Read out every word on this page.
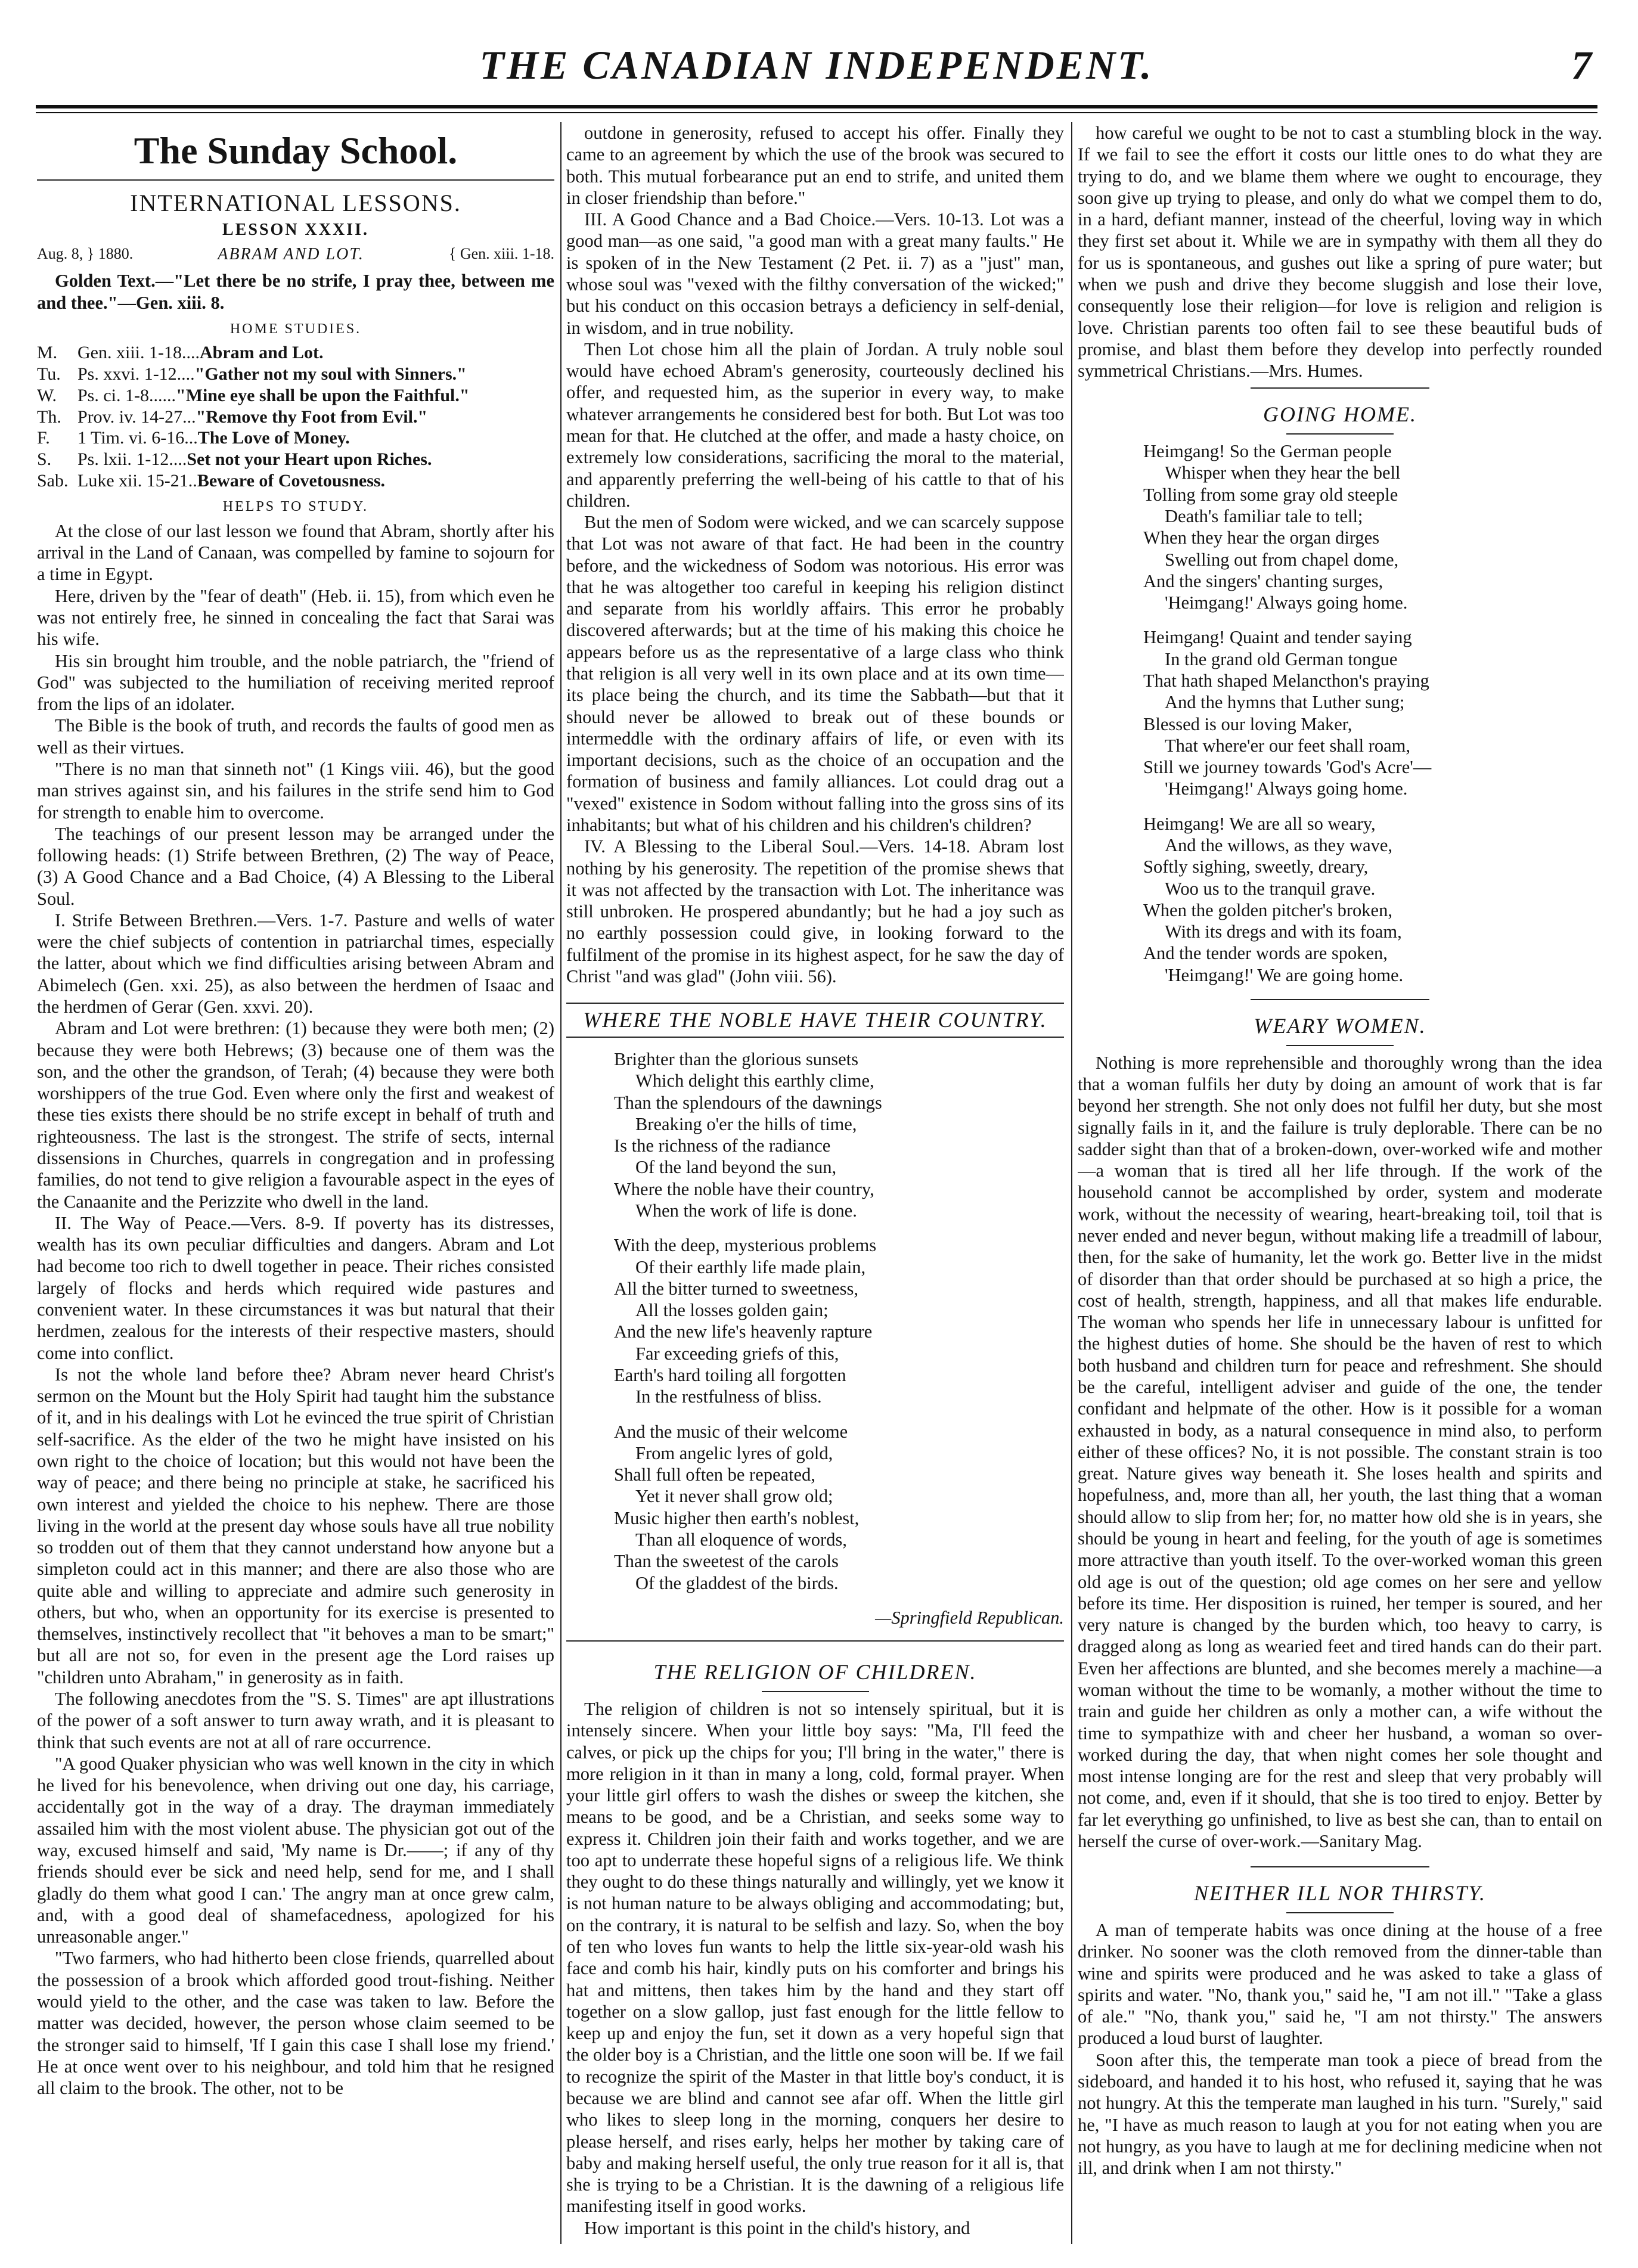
THE CANADIAN INDEPENDENT.	7
The Sunday School.
INTERNATIONAL LESSONS.
LESSON XXXII.
Aug. 8, } 1880.	ABRAM AND LOT.	{ Gen. xiii. 1-18.

Golden Text.—"Let there be no strife, I pray thee, between me and thee."—Gen. xiii. 8.

HOME STUDIES.
M.	Gen. xiii. 1-18.... Abram and Lot.
Tu. Ps. xxvi. 1-12.... "Gather not my soul with Sinners."
W.	Ps. ci. 1-8...... "Mine eye shall be upon the Faithful."
Th. Prov. iv. 14-27... "Remove thy Foot from Evil."
F.	1 Tim. vi. 6-16... The Love of Money.
S.	Ps. lxii. 1-12.... Set not your Heart upon Riches.
Sab. Luke xii. 15-21.. Beware of Covetousness.
HELPS TO STUDY.

At the close of our last lesson we found that Abram, shortly after his arrival in the Land of Canaan, was compelled by famine to sojourn for a time in Egypt.

Here, driven by the "fear of death" (Heb. ii. 15), from which even he was not entirely free, he sinned in concealing the fact that Sarai was his wife.

His sin brought him trouble, and the noble patriarch, the "friend of God" was subjected to the humiliation of receiving merited reproof from the lips of an idolater.

The Bible is the book of truth, and records the faults of good men as well as their virtues.

"There is no man that sinneth not" (1 Kings viii. 46), but the good man strives against sin, and his failures in the strife send him to God for strength to enable him to overcome.

The teachings of our present lesson may be arranged under the following heads: (1) Strife between Brethren, (2) The way of Peace, (3) A Good Chance and a Bad Choice, (4) A Blessing to the Liberal Soul.

I. Strife Between Brethren.—Vers. 1-7. Pasture and wells of water were the chief subjects of contention in patriarchal times, especially the latter, about which we find difficulties arising between Abram and Abimelech (Gen. xxi. 25), as also between the herdmen of Isaac and the herdmen of Gerar (Gen. xxvi. 20).

Abram and Lot were brethren: (1) because they were both men; (2) because they were both Hebrews; (3) because one of them was the son, and the other the grandson, of Terah; (4) because they were both worshippers of the true God. Even where only the first and weakest of these ties exists there should be no strife except in behalf of truth and righteousness. The last is the strongest. The strife of sects, internal dissensions in Churches, quarrels in congregation and in professing families, do not tend to give religion a favourable aspect in the eyes of the Canaanite and the Perizzite who dwell in the land.

II. The Way of Peace.—Vers. 8-9. If poverty has its distresses, wealth has its own peculiar difficulties and dangers. Abram and Lot had become too rich to dwell together in peace. Their riches consisted largely of flocks and herds which required wide pastures and convenient water. In these circumstances it was but natural that their herdmen, zealous for the interests of their respective masters, should come into conflict.

Is not the whole land before thee? Abram never heard Christ's sermon on the Mount but the Holy Spirit had taught him the substance of it, and in his dealings with Lot he evinced the true spirit of Christian self-sacrifice. As the elder of the two he might have insisted on his own right to the choice of location; but this would not have been the way of peace; and there being no principle at stake, he sacrificed his own interest and yielded the choice to his nephew. There are those living in the world at the present day whose souls have all true nobility so trodden out of them that they cannot understand how anyone but a simpleton could act in this manner; and there are also those who are quite able and willing to appreciate and admire such generosity in others, but who, when an opportunity for its exercise is presented to themselves, instinctively recollect that "it behoves a man to be smart;" but all are not so, for even in the present age the Lord raises up "children unto Abraham," in generosity as in faith.

The following anecdotes from the "S. S. Times" are apt illustrations of the power of a soft answer to turn away wrath, and it is pleasant to think that such events are not at all of rare occurrence.

"A good Quaker physician who was well known in the city in which he lived for his benevolence, when driving out one day, his carriage, accidentally got in the way of a dray. The drayman immediately assailed him with the most violent abuse. The physician got out of the way, excused himself and said, 'My name is Dr.——; if any of thy friends should ever be sick and need help, send for me, and I shall gladly do them what good I can.' The angry man at once grew calm, and, with a good deal of shamefacedness, apologized for his unreasonable anger."

"Two farmers, who had hitherto been close friends, quarrelled about the possession of a brook which afforded good trout-fishing. Neither would yield to the other, and the case was taken to law. Before the matter was decided, however, the person whose claim seemed to be the stronger said to himself, 'If I gain this case I shall lose my friend.' He at once went over to his neighbour, and told him that he resigned all claim to the brook. The other, not to be

outdone in generosity, refused to accept his offer. Finally they came to an agreement by which the use of the brook was secured to both. This mutual forbearance put an end to strife, and united them in closer friendship than before."

III. A Good Chance and a Bad Choice.—Vers. 10-13. Lot was a good man—as one said, "a good man with a great many faults." He is spoken of in the New Testament (2 Pet. ii. 7) as a "just" man, whose soul was "vexed with the filthy conversation of the wicked;" but his conduct on this occasion betrays a deficiency in self-denial, in wisdom, and in true nobility.

Then Lot chose him all the plain of Jordan. A truly noble soul would have echoed Abram's generosity, courteously declined his offer, and requested him, as the superior in every way, to make whatever arrangements he considered best for both. But Lot was too mean for that. He clutched at the offer, and made a hasty choice, on extremely low considerations, sacrificing the moral to the material, and apparently preferring the well-being of his cattle to that of his children.

But the men of Sodom were wicked, and we can scarcely suppose that Lot was not aware of that fact. He had been in the country before, and the wickedness of Sodom was notorious. His error was that he was altogether too careful in keeping his religion distinct and separate from his worldly affairs. This error he probably discovered afterwards; but at the time of his making this choice he appears before us as the representative of a large class who think that religion is all very well in its own place and at its own time—its place being the church, and its time the Sabbath—but that it should never be allowed to break out of these bounds or intermeddle with the ordinary affairs of life, or even with its important decisions, such as the choice of an occupation and the formation of business and family alliances. Lot could drag out a "vexed" existence in Sodom without falling into the gross sins of its inhabitants; but what of his children and his children's children?

IV. A Blessing to the Liberal Soul.—Vers. 14-18. Abram lost nothing by his generosity. The repetition of the promise shews that it was not affected by the transaction with Lot. The inheritance was still unbroken. He prospered abundantly; but he had a joy such as no earthly possession could give, in looking forward to the fulfilment of the promise in its highest aspect, for he saw the day of Christ "and was glad" (John viii. 56).

WHERE THE NOBLE HAVE THEIR COUNTRY.
Brighter than the glorious sunsets
Which delight this earthly clime,
Than the splendours of the dawnings
Breaking o'er the hills of time,
Is the richness of the radiance
Of the land beyond the sun,
Where the noble have their country,
When the work of life is done.
With the deep, mysterious problems
Of their earthly life made plain,
All the bitter turned to sweetness,
All the losses golden gain;
And the new life's heavenly rapture
Far exceeding griefs of this,
Earth's hard toiling all forgotten
In the restfulness of bliss.
And the music of their welcome
From angelic lyres of gold,
Shall full often be repeated,
Yet it never shall grow old;
Music higher then earth's noblest,
Than all eloquence of words,
Than the sweetest of the carols
Of the gladdest of the birds.
—Springfield Republican.
THE RELIGION OF CHILDREN.

The religion of children is not so intensely spiritual, but it is intensely sincere. When your little boy says: "Ma, I'll feed the calves, or pick up the chips for you; I'll bring in the water," there is more religion in it than in many a long, cold, formal prayer. When your little girl offers to wash the dishes or sweep the kitchen, she means to be good, and be a Christian, and seeks some way to express it. Children join their faith and works together, and we are too apt to underrate these hopeful signs of a religious life. We think they ought to do these things naturally and willingly, yet we know it is not human nature to be always obliging and accommodating; but, on the contrary, it is natural to be selfish and lazy. So, when the boy of ten who loves fun wants to help the little six-year-old wash his face and comb his hair, kindly puts on his comforter and brings his hat and mittens, then takes him by the hand and they start off together on a slow gallop, just fast enough for the little fellow to keep up and enjoy the fun, set it down as a very hopeful sign that the older boy is a Christian, and the little one soon will be. If we fail to recognize the spirit of the Master in that little boy's conduct, it is because we are blind and cannot see afar off. When the little girl who likes to sleep long in the morning, conquers her desire to please herself, and rises early, helps her mother by taking care of baby and making herself useful, the only true reason for it all is, that she is trying to be a Christian. It is the dawning of a religious life manifesting itself in good works.

How important is this point in the child's history, and

how careful we ought to be not to cast a stumbling block in the way. If we fail to see the effort it costs our little ones to do what they are trying to do, and we blame them where we ought to encourage, they soon give up trying to please, and only do what we compel them to do, in a hard, defiant manner, instead of the cheerful, loving way in which they first set about it. While we are in sympathy with them all they do for us is spontaneous, and gushes out like a spring of pure water; but when we push and drive they become sluggish and lose their love, consequently lose their religion—for love is religion and religion is love. Christian parents too often fail to see these beautiful buds of promise, and blast them before they develop into perfectly rounded symmetrical Christians.—Mrs. Humes.

GOING HOME.
Heimgang! So the German people
Whisper when they hear the bell
Tolling from some gray old steeple
Death's familiar tale to tell;
When they hear the organ dirges
Swelling out from chapel dome,
And the singers' chanting surges,
'Heimgang!' Always going home.
Heimgang! Quaint and tender saying
In the grand old German tongue
That hath shaped Melancthon's praying
And the hymns that Luther sung;
Blessed is our loving Maker,
That where'er our feet shall roam,
Still we journey towards 'God's Acre'—
'Heimgang!' Always going home.
Heimgang! We are all so weary,
And the willows, as they wave,
Softly sighing, sweetly, dreary,
Woo us to the tranquil grave.
When the golden pitcher's broken,
With its dregs and with its foam,
And the tender words are spoken,
'Heimgang!' We are going home.
WEARY WOMEN.

Nothing is more reprehensible and thoroughly wrong than the idea that a woman fulfils her duty by doing an amount of work that is far beyond her strength. She not only does not fulfil her duty, but she most signally fails in it, and the failure is truly deplorable. There can be no sadder sight than that of a broken-down, over-worked wife and mother—a woman that is tired all her life through. If the work of the household cannot be accomplished by order, system and moderate work, without the necessity of wearing, heart-breaking toil, toil that is never ended and never begun, without making life a treadmill of labour, then, for the sake of humanity, let the work go. Better live in the midst of disorder than that order should be purchased at so high a price, the cost of health, strength, happiness, and all that makes life endurable. The woman who spends her life in unnecessary labour is unfitted for the highest duties of home. She should be the haven of rest to which both husband and children turn for peace and refreshment. She should be the careful, intelligent adviser and guide of the one, the tender confidant and helpmate of the other. How is it possible for a woman exhausted in body, as a natural consequence in mind also, to perform either of these offices? No, it is not possible. The constant strain is too great. Nature gives way beneath it. She loses health and spirits and hopefulness, and, more than all, her youth, the last thing that a woman should allow to slip from her; for, no matter how old she is in years, she should be young in heart and feeling, for the youth of age is sometimes more attractive than youth itself. To the over-worked woman this green old age is out of the question; old age comes on her sere and yellow before its time. Her disposition is ruined, her temper is soured, and her very nature is changed by the burden which, too heavy to carry, is dragged along as long as wearied feet and tired hands can do their part. Even her affections are blunted, and she becomes merely a machine—a woman without the time to be womanly, a mother without the time to train and guide her children as only a mother can, a wife without the time to sympathize with and cheer her husband, a woman so over-worked during the day, that when night comes her sole thought and most intense longing are for the rest and sleep that very probably will not come, and, even if it should, that she is too tired to enjoy. Better by far let everything go unfinished, to live as best she can, than to entail on herself the curse of over-work.—Sanitary Mag.

NEITHER ILL NOR THIRSTY.

A man of temperate habits was once dining at the house of a free drinker. No sooner was the cloth removed from the dinner-table than wine and spirits were produced and he was asked to take a glass of spirits and water. "No, thank you," said he, "I am not ill." "Take a glass of ale." "No, thank you," said he, "I am not thirsty." The answers produced a loud burst of laughter.

Soon after this, the temperate man took a piece of bread from the sideboard, and handed it to his host, who refused it, saying that he was not hungry. At this the temperate man laughed in his turn. "Surely," said he, "I have as much reason to laugh at you for not eating when you are not hungry, as you have to laugh at me for declining medicine when not ill, and drink when I am not thirsty."
